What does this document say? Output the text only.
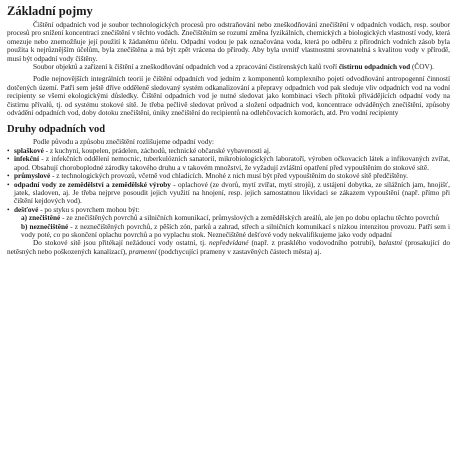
Základní pojmy

Čištění odpadních vod je soubor technologických procesů pro odstraňování nebo zneškodňování znečištění v odpadních vodách, resp. soubor procesů pro snížení koncentrací znečištění v těchto vodách. Znečištěním se rozumí změna fyzikálních, chemických a biologických vlastností vody, která omezuje nebo znemožňuje její použití k žádanému účelu. Odpadní vodou je pak označována voda, která po odběru z přírodních vodních zásob byla použita k nejrůznějším účelům, byla znečištěna a má být zpět vrácena do přírody. Aby byla uvnitř vlastnostmi srovnatelná s kvalitou vody v přírodě, musí být odpadní vody čištěny.

Soubor objektů a zařízení k čištění a zneškodňování odpadních vod a zpracování čistírenských kalů tvoří čistírnu odpadních vod (ČOV).

Podle nejnovějších integrálních teorií je čištění odpadních vod jedním z komponentů komplexního pojetí odvodňování antropogenní činností dotčených území. Patří sem ještě dříve odděleně sledovaný systém odkanalizování a přepravy odpadních vod pak sleduje vliv odpadních vod na vodní recipienty se všemi ekologickými důsledky. Čištění odpadních vod je nutné sledovat jako kombinaci všech přítoků přivádějících odpadní vody na čistírnu přívalů, tj. od systému stokové sítě. Je třeba pečlivě sledovat průvod a složení odpadních vod, koncentrace odváděných znečištění, způsoby odvádění odpadních vod, doby dotoku znečištění, úniky znečištění do recipientů na odlehčovacích komorách, atd. Pro vodní recipienty

Druhy odpadních vod

Podle původu a způsobu znečištění rozlišujeme odpadní vody:

• splaškové - z kuchyní, koupelen, prádelen, záchodů, technické občanské vybavenosti aj.
• infekční - z infekčních oddělení nemocnic, tuberkulózních sanatorií, mikrobiologických laboratoří, výroben očkovacích látek a infikovaných zvířat, apod. Obsahují choroboplodné zárodky takového druhu a v takovém množství, že vyžadují zvláštní opatření před vypouštěním do stokové sítě.
• průmyslové - z technologických provozů, včetně vod chladicích. Mnohé z nich musí být před vypouštěním do stokové sítě předčištěny.
• odpadní vody ze zemědělství a zemědělské výroby - oplachové (ze dvorů, mytí zvířat, mytí strojů), z ustájení dobytka, ze silážních jam, hnojišť, jatek, sladoven, aj. Je třeba nejprve posoudit jejich využití na hnojení, resp. jejich samostatnou likvidaci se zákazem vypouštění (např. přímo při čištění kejdových vod).
• dešťové - po styku s povrchem mohou být:
a) znečištěné - ze znečištěných povrchů a silničních komunikací, průmyslových a zemědělských areálů, ale jen po dobu oplachu těchto povrchů
b) neznečištěné - z neznečištěných povrchů, z pěších zón, parků a zahrad, střech a silničních komunikací s nízkou intenzitou provozu. Patří sem i vody poté, co po skončení oplachu povrchů a po vyplachu stok. Neznečištěné dešťové vody nekvalifikujeme jako vody odpadní

Do stokové sítě jsou přitékají nežádoucí vody ostatní, tj. nepředvídané (např. z prasklého vodovodního potrubí), balastní (prosakující do netěsných nebo poškozených kanalizací), pramenní (podchycující prameny v zastavěných částech města) aj.
